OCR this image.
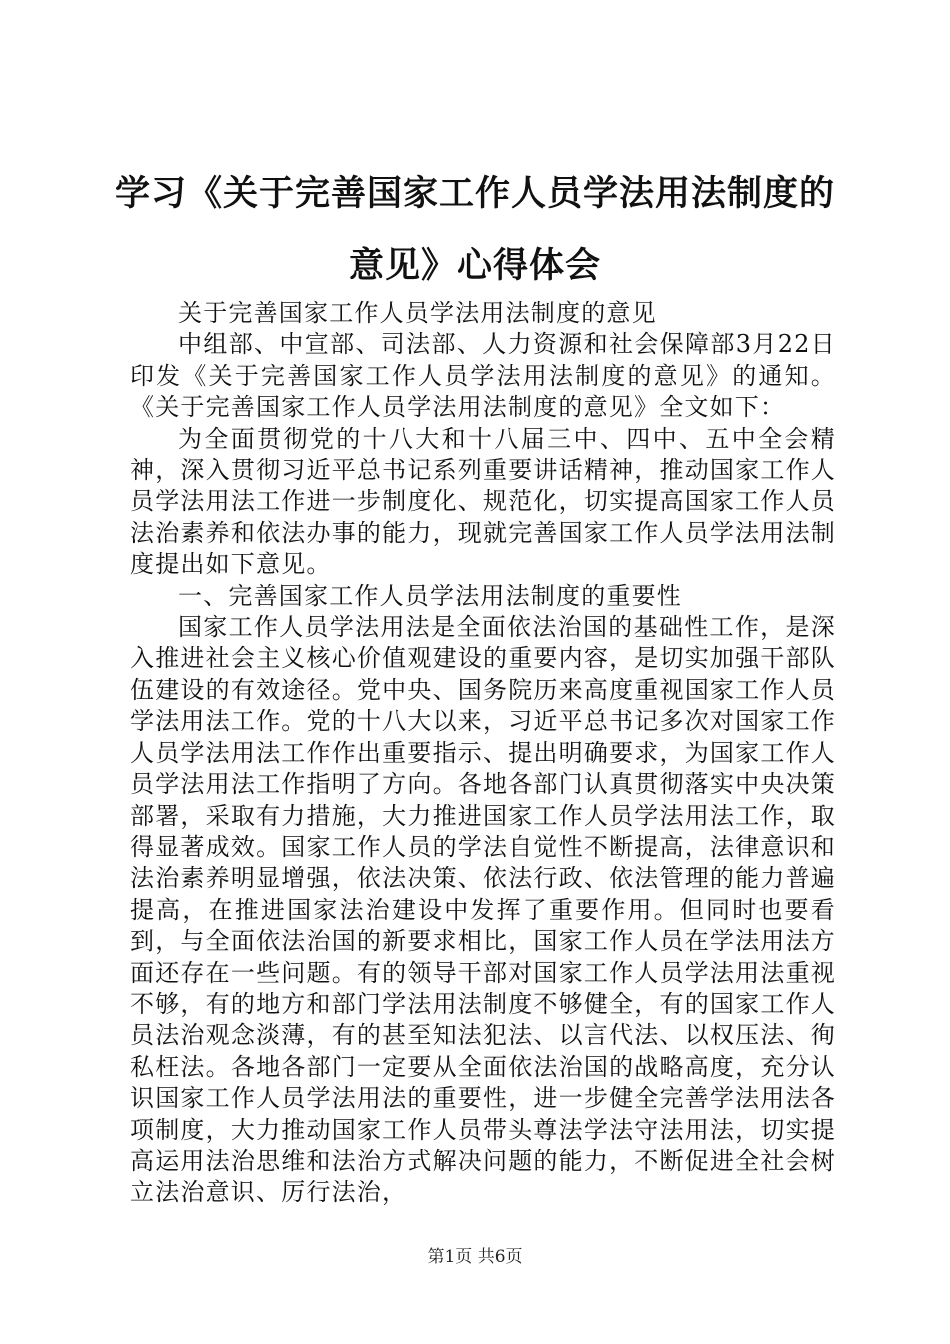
学习《关于完善国家工作人员学法用法制度的意见》心得体会

关于完善国家工作人员学法用法制度的意见

中组部、中宣部、司法部、人力资源和社会保障部3月22日印发《关于完善国家工作人员学法用法制度的意见》的通知。《关于完善国家工作人员学法用法制度的意见》全文如下：

为全面贯彻党的十八大和十八届三中、四中、五中全会精神，深入贯彻习近平总书记系列重要讲话精神，推动国家工作人员学法用法工作进一步制度化、规范化，切实提高国家工作人员法治素养和依法办事的能力，现就完善国家工作人员学法用法制度提出如下意见。

一、完善国家工作人员学法用法制度的重要性

国家工作人员学法用法是全面依法治国的基础性工作，是深入推进社会主义核心价值观建设的重要内容，是切实加强干部队伍建设的有效途径。党中央、国务院历来高度重视国家工作人员学法用法工作。党的十八大以来，习近平总书记多次对国家工作人员学法用法工作作出重要指示、提出明确要求，为国家工作人员学法用法工作指明了方向。各地各部门认真贯彻落实中央决策部署，采取有力措施，大力推进国家工作人员学法用法工作，取得显著成效。国家工作人员的学法自觉性不断提高，法律意识和法治素养明显增强，依法决策、依法行政、依法管理的能力普遍提高，在推进国家法治建设中发挥了重要作用。但同时也要看到，与全面依法治国的新要求相比，国家工作人员在学法用法方面还存在一些问题。有的领导干部对国家工作人员学法用法重视不够，有的地方和部门学法用法制度不够健全，有的国家工作人员法治观念淡薄，有的甚至知法犯法、以言代法、以权压法、徇私枉法。各地各部门一定要从全面依法治国的战略高度，充分认识国家工作人员学法用法的重要性，进一步健全完善学法用法各项制度，大力推动国家工作人员带头尊法学法守法用法，切实提高运用法治思维和法治方式解决问题的能力，不断促进全社会树立法治意识、厉行法治，

第1页 共6页
